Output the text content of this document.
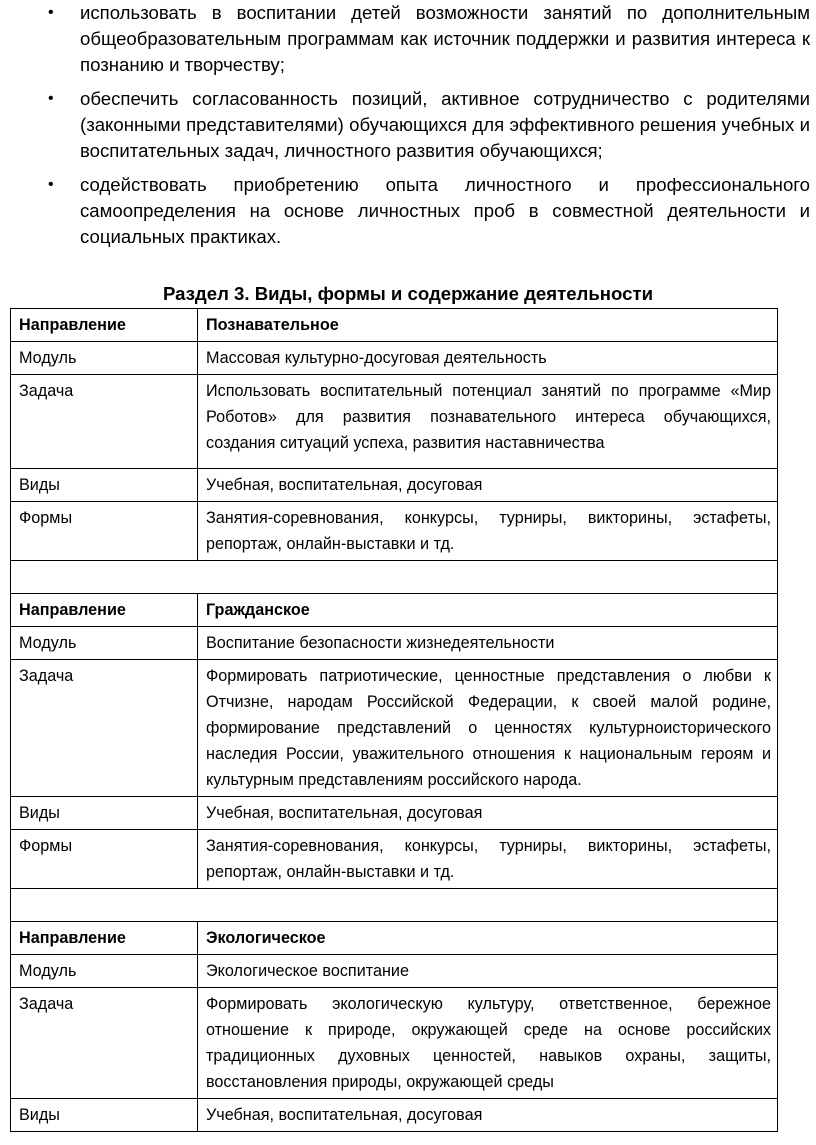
• использовать в воспитании детей возможности занятий по дополнительным общеобразовательным программам как источник поддержки и развития интереса к познанию и творчеству;
• обеспечить согласованность позиций, активное сотрудничество с родителями (законными представителями) обучающихся для эффективного решения учебных и воспитательных задач, личностного развития обучающихся;
• содействовать приобретению опыта личностного и профессионального самоопределения на основе личностных проб в совместной деятельности и социальных практиках.
Раздел 3. Виды, формы и содержание деятельности
Направление	Познавательное
Модуль	Массовая культурно-досуговая деятельность
Задача	Использовать воспитательный потенциал занятий по программе «Мир Роботов» для развития познавательного интереса обучающихся, создания ситуаций успеха, развития наставничества
Виды	Учебная, воспитательная, досуговая
Формы	Занятия-соревнования, конкурсы, турниры, викторины, эстафеты, репортаж, онлайн-выставки и тд.

Направление	Гражданское
Модуль	Воспитание безопасности жизнедеятельности
Задача	Формировать патриотические, ценностные представления о любви к Отчизне, народам Российской Федерации, к своей малой родине, формирование представлений о ценностях культурноисторического наследия России, уважительного отношения к национальным героям и культурным представлениям российского народа.
Виды	Учебная, воспитательная, досуговая
Формы	Занятия-соревнования, конкурсы, турниры, викторины, эстафеты, репортаж, онлайн-выставки и тд.

Направление	Экологическое
Модуль	Экологическое воспитание
Задача	Формировать экологическую культуру, ответственное, бережное отношение к природе, окружающей среде на основе российских традиционных духовных ценностей, навыков охраны, защиты, восстановления природы, окружающей среды
Виды	Учебная, воспитательная, досуговая
